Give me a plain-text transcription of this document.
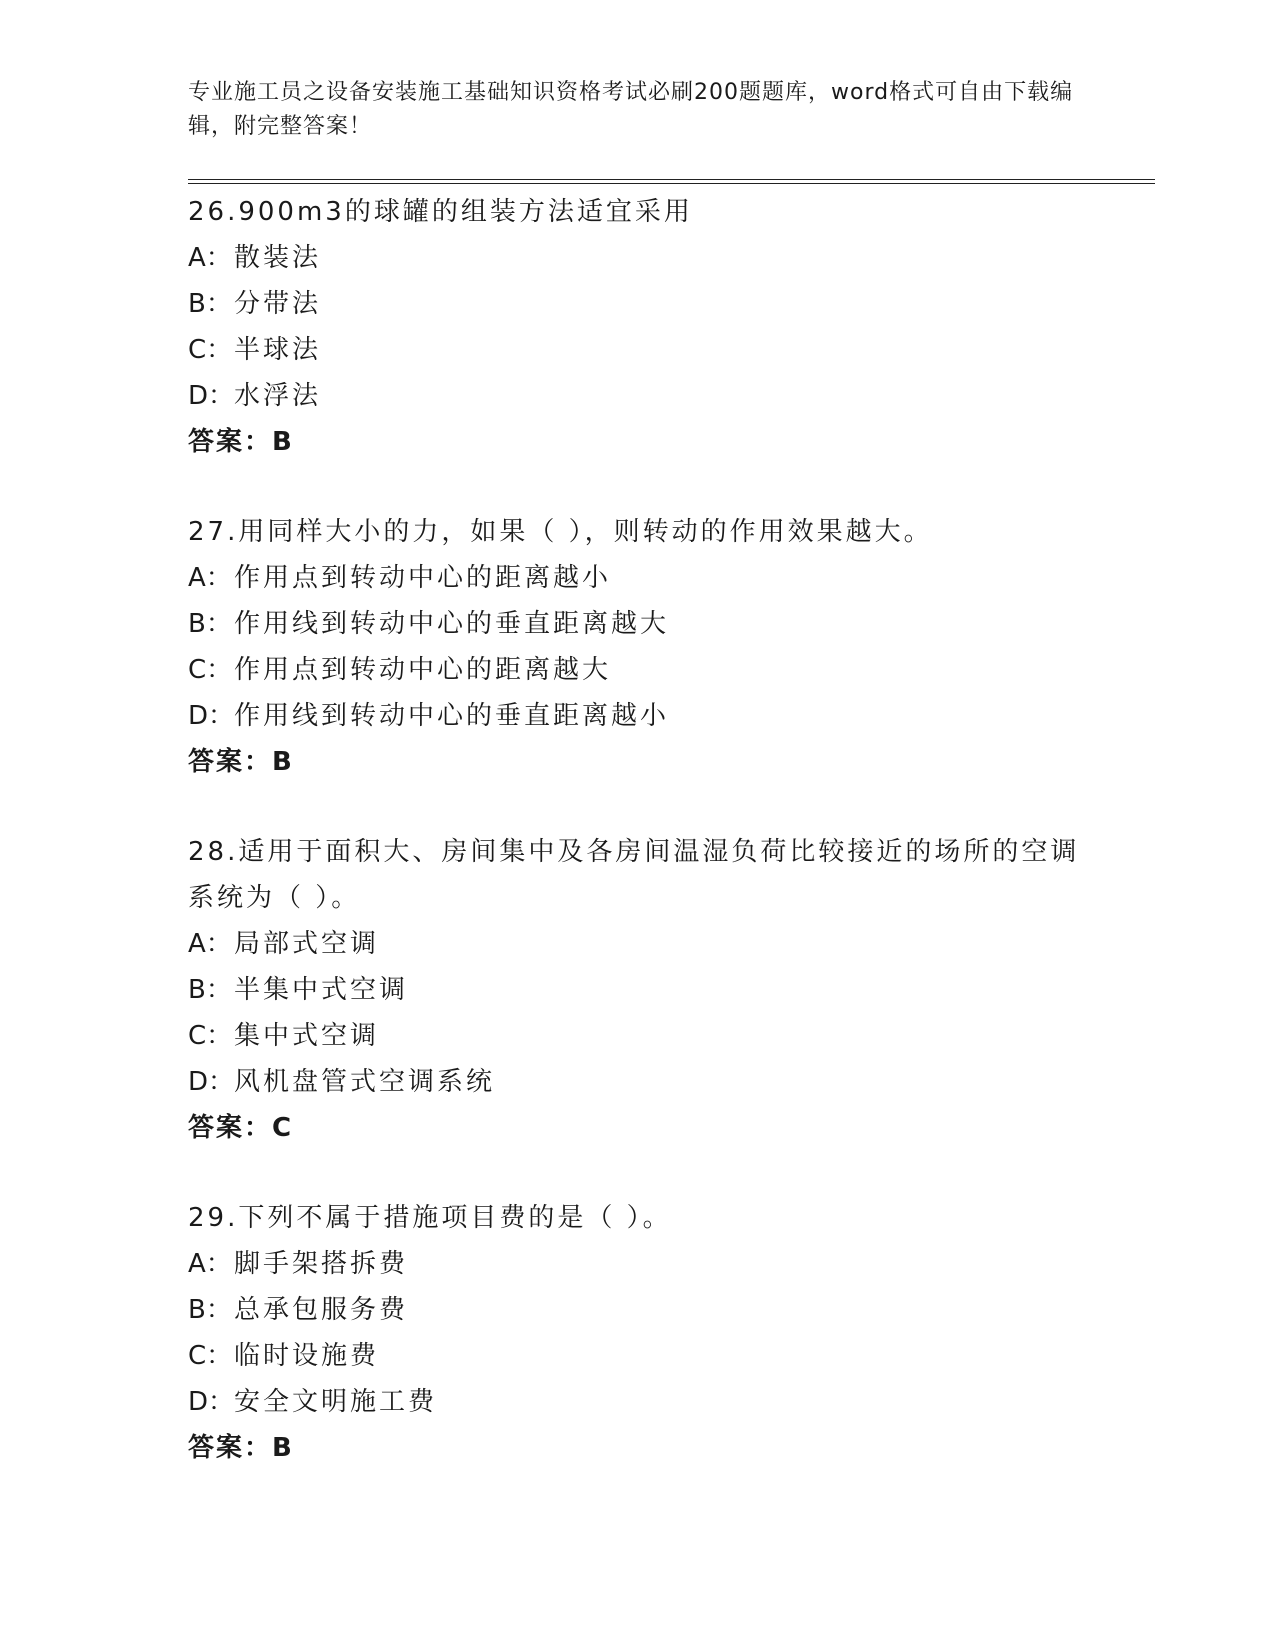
专业施工员之设备安装施工基础知识资格考试必刷200题题库，word格式可自由下载编辑，附完整答案！
26.900m3的球罐的组装方法适宜采用
A：散装法
B：分带法
C：半球法
D：水浮法
答案：B
27.用同样大小的力，如果（ ），则转动的作用效果越大。
A：作用点到转动中心的距离越小
B：作用线到转动中心的垂直距离越大
C：作用点到转动中心的距离越大
D：作用线到转动中心的垂直距离越小
答案：B
28.适用于面积大、房间集中及各房间温湿负荷比较接近的场所的空调系统为（ ）。
A：局部式空调
B：半集中式空调
C：集中式空调
D：风机盘管式空调系统
答案：C
29.下列不属于措施项目费的是（ ）。
A：脚手架搭拆费
B：总承包服务费
C：临时设施费
D：安全文明施工费
答案：B
